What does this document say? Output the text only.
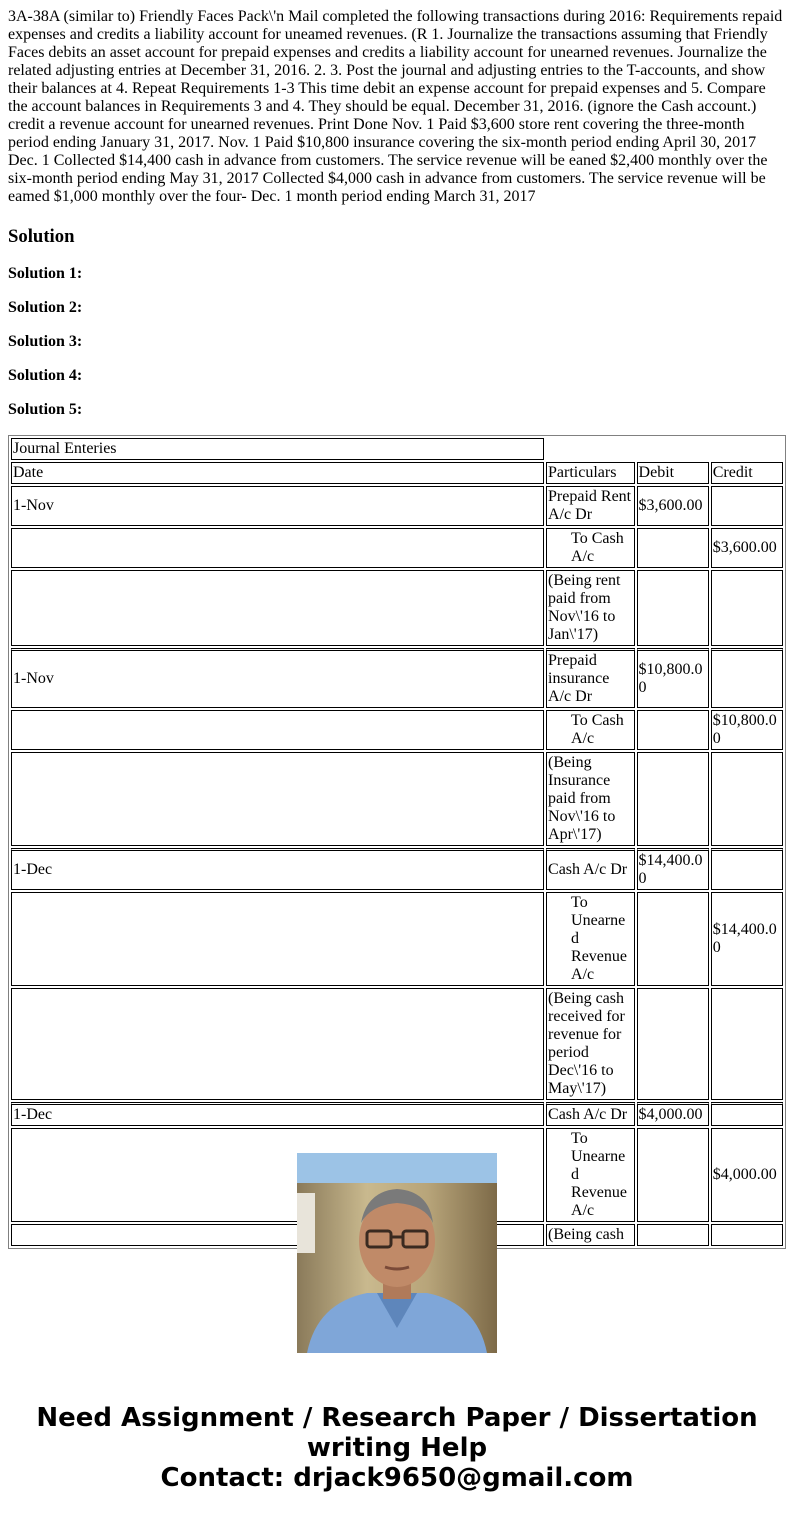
3A-38A (similar to) Friendly Faces Pack\'n Mail completed the following transactions during 2016: Requirements repaid expenses and credits a liability account for uneamed revenues. (R 1. Journalize the transactions assuming that Friendly Faces debits an asset account for prepaid expenses and credits a liability account for unearned revenues. Journalize the related adjusting entries at December 31, 2016. 2. 3. Post the journal and adjusting entries to the T-accounts, and show their balances at 4. Repeat Requirements 1-3 This time debit an expense account for prepaid expenses and 5. Compare the account balances in Requirements 3 and 4. They should be equal. December 31, 2016. (ignore the Cash account.) credit a revenue account for unearned revenues. Print Done Nov. 1 Paid $3,600 store rent covering the three-month period ending January 31, 2017. Nov. 1 Paid $10,800 insurance covering the six-month period ending April 30, 2017 Dec. 1 Collected $14,400 cash in advance from customers. The service revenue will be eaned $2,400 monthly over the six-month period ending May 31, 2017 Collected $4,000 cash in advance from customers. The service revenue will be eamed $1,000 monthly over the four- Dec. 1 month period ending March 31, 2017

Solution

Solution 1:

Solution 2:

Solution 3:

Solution 4:

Solution 5:

Journal Enteries			
Date	Particulars	Debit	Credit
1-Nov	Prepaid Rent A/c Dr	$3,600.00	
	To Cash A/c		$3,600.00
	(Being rent paid from Nov\'16 to Jan\'17)		
1-Nov	Prepaid insurance A/c Dr	$10,800.00	
	To Cash A/c		$10,800.00
	(Being Insurance paid from Nov\'16 to Apr\'17)		
1-Dec	Cash A/c Dr	$14,400.00	
	To Unearned Revenue A/c		$14,400.00
	(Being cash received for revenue for period Dec\'16 to May\'17)		
1-Dec	Cash A/c Dr	$4,000.00	
	To Unearned Revenue A/c		$4,000.00
	(Being cash		

Need Assignment / Research Paper / Dissertation
writing Help
Contact: drjack9650@gmail.com
